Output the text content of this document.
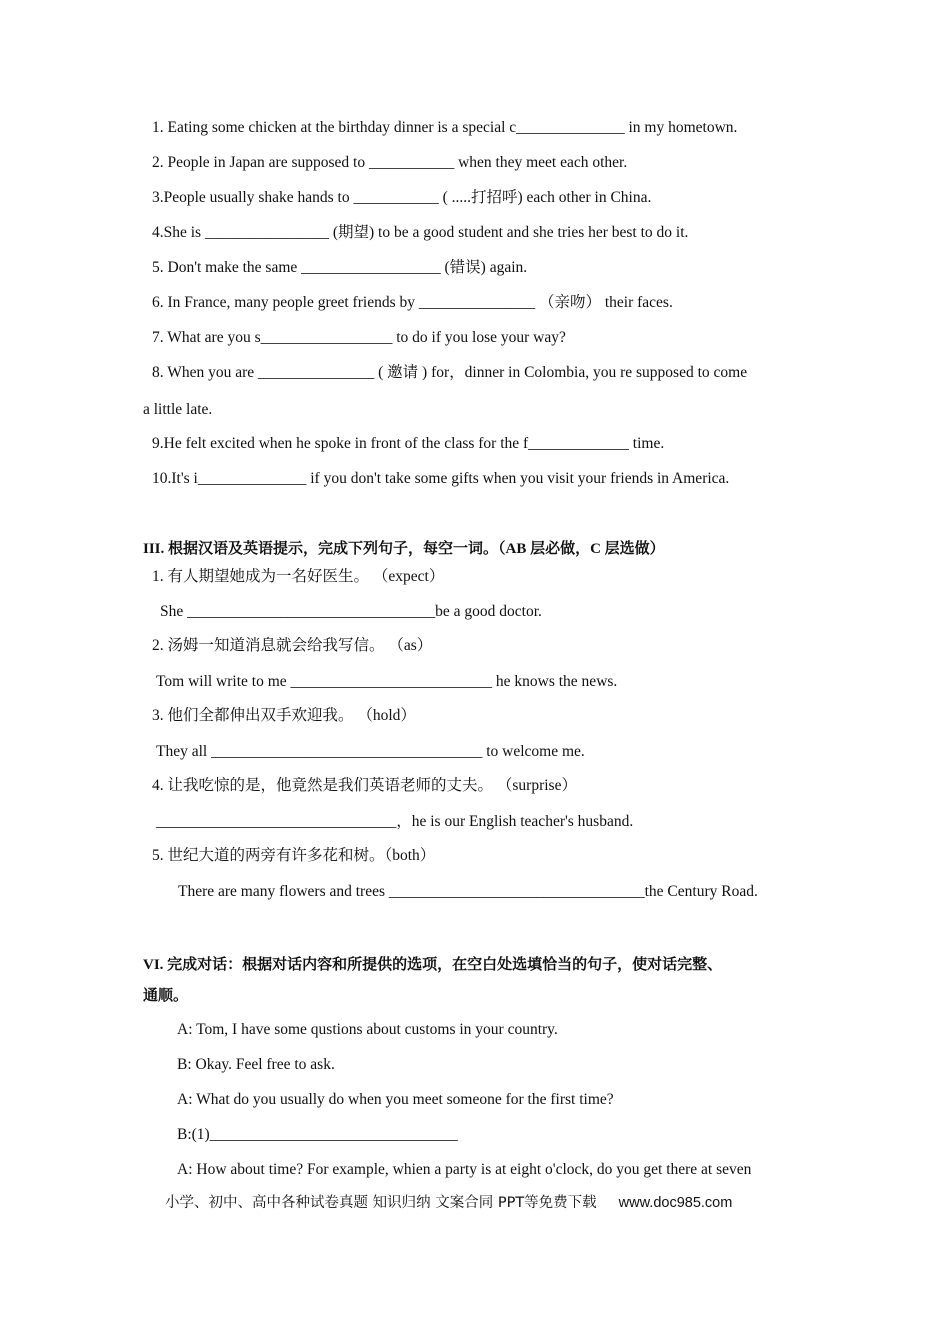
1. Eating some chicken at the birthday dinner is a special c______________ in my hometown.
2. People in Japan are supposed to ___________ when they meet each other.
3.People usually shake hands to ___________ ( .....打招呼) each other in China.
4.She is ________________ (期望) to be a good student and she tries her best to do it.
5. Don't make the same __________________ (错误) again.
6. In France, many people greet friends by _______________ （亲吻） their faces.
7. What are you s_________________ to do if you lose your way?
8. When you are _______________ ( 邀请 ) for，dinner in Colombia, you re supposed to come
a little late.
9.He felt excited when he spoke in front of the class for the f_____________ time.
10.It's i______________ if you don't take some gifts when you visit your friends in America.
III. 根据汉语及英语提示，完成下列句子，每空一词。（AB 层必做，C 层选做）
1. 有人期望她成为一名好医生。 （expect）
She ________________________________be a good doctor.
2. 汤姆一知道消息就会给我写信。 （as）
Tom will write to me __________________________ he knows the news.
3. 他们全都伸出双手欢迎我。 （hold）
They all ___________________________________ to welcome me.
4. 让我吃惊的是，他竟然是我们英语老师的丈夫。 （surprise）
_______________________________，he is our English teacher's husband.
5. 世纪大道的两旁有许多花和树。（both）
There are many flowers and trees _________________________________the Century Road.
VI. 完成对话：根据对话内容和所提供的选项，在空白处选填恰当的句子，使对话完整、
通顺。
A: Tom, I have some qustions about customs in your country.
B: Okay. Feel free to ask.
A: What do you usually do when you meet someone for the first time?
B:(1)________________________________
A: How about time? For example, whien a party is at eight o'clock, do you get there at seven
小学、初中、高中各种试卷真题 知识归纳 文案合同 PPT等免费下载 www.doc985.com
